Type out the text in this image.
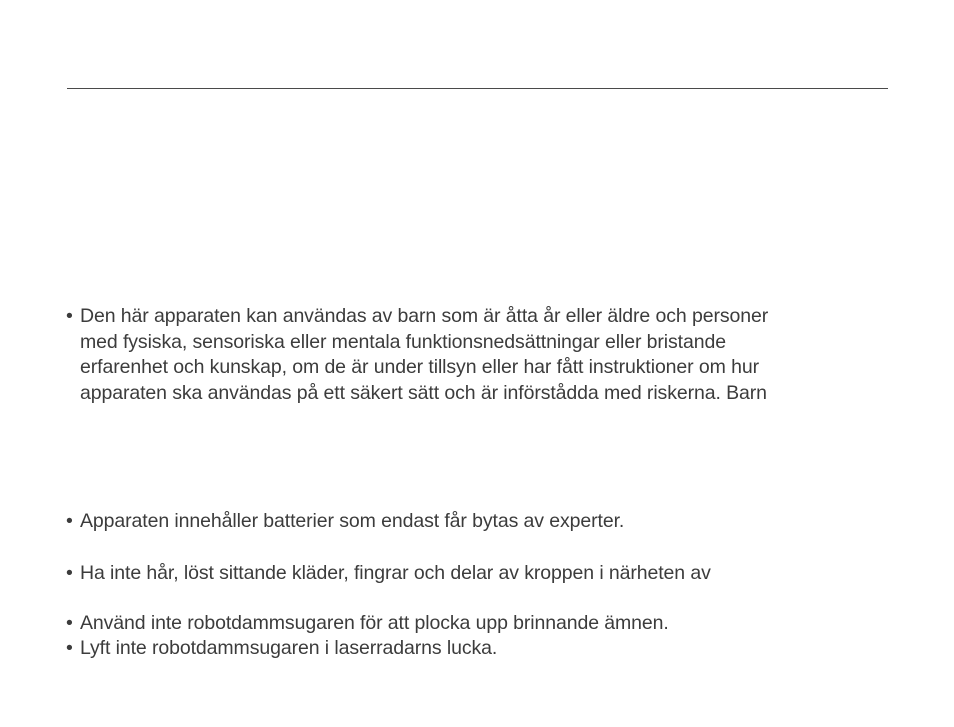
• Den här apparaten kan användas av barn som är åtta år eller äldre och personer
med fysiska, sensoriska eller mentala funktionsnedsättningar eller bristande
erfarenhet och kunskap, om de är under tillsyn eller har fått instruktioner om hur
apparaten ska användas på ett säkert sätt och är införstådda med riskerna. Barn
• Apparaten innehåller batterier som endast får bytas av experter.
• Ha inte hår, löst sittande kläder, fingrar och delar av kroppen i närheten av
• Använd inte robotdammsugaren för att plocka upp brinnande ämnen.
• Lyft inte robotdammsugaren i laserradarns lucka.
